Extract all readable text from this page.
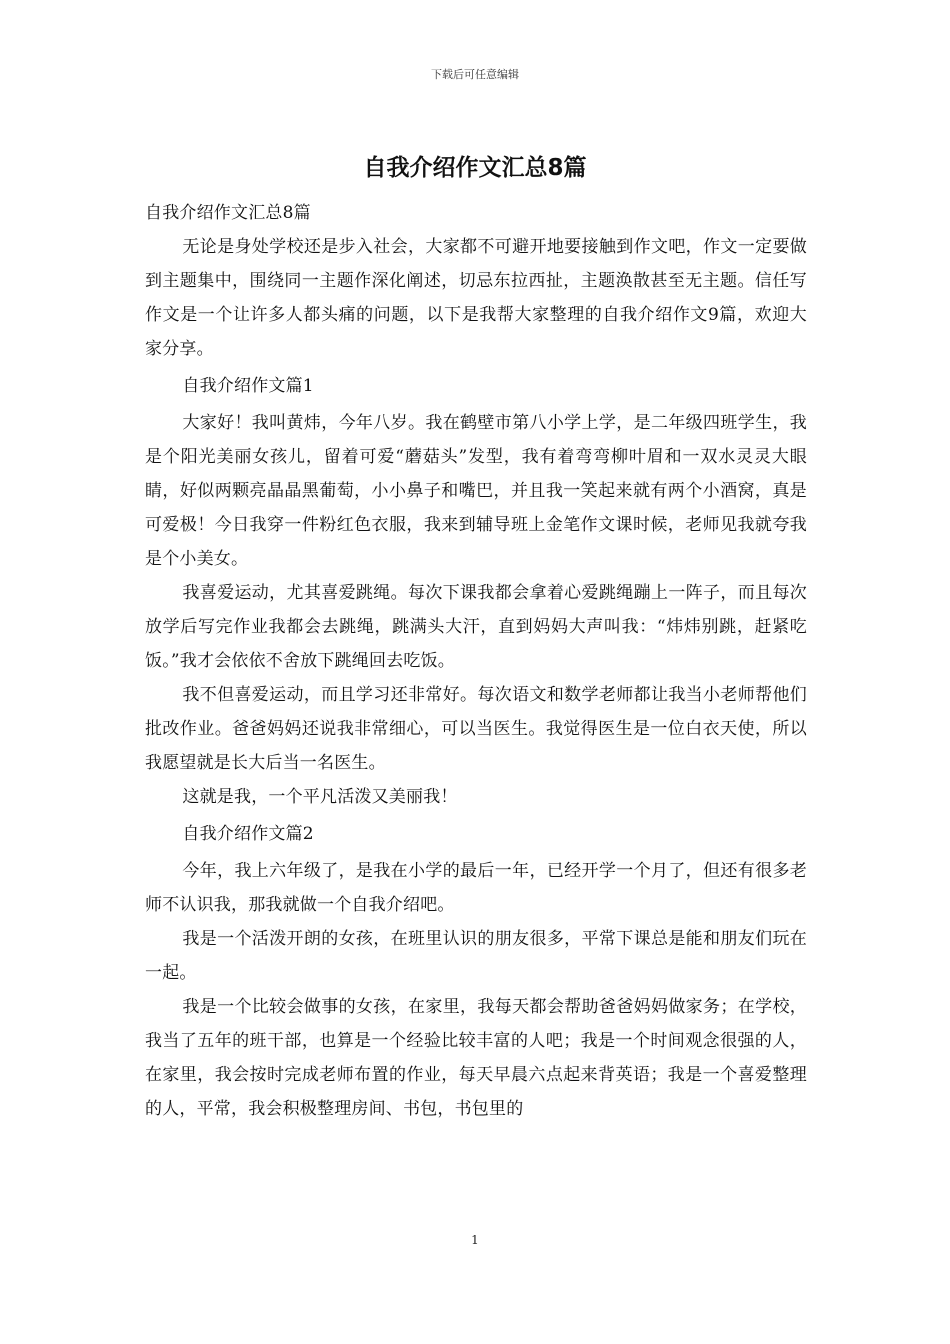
下载后可任意编辑
自我介绍作文汇总8篇

自我介绍作文汇总8篇

无论是身处学校还是步入社会，大家都不可避开地要接触到作文吧，作文一定要做到主题集中，围绕同一主题作深化阐述，切忌东拉西扯，主题涣散甚至无主题。信任写作文是一个让许多人都头痛的问题，以下是我帮大家整理的自我介绍作文9篇，欢迎大家分享。

自我介绍作文篇1

大家好！我叫黄炜，今年八岁。我在鹤壁市第八小学上学，是二年级四班学生，我是个阳光美丽女孩儿，留着可爱“蘑菇头”发型，我有着弯弯柳叶眉和一双水灵灵大眼睛，好似两颗亮晶晶黑葡萄，小小鼻子和嘴巴，并且我一笑起来就有两个小酒窝，真是可爱极！今日我穿一件粉红色衣服，我来到辅导班上金笔作文课时候，老师见我就夸我是个小美女。

我喜爱运动，尤其喜爱跳绳。每次下课我都会拿着心爱跳绳蹦上一阵子，而且每次放学后写完作业我都会去跳绳，跳满头大汗，直到妈妈大声叫我：“炜炜别跳，赶紧吃饭。”我才会依依不舍放下跳绳回去吃饭。

我不但喜爱运动，而且学习还非常好。每次语文和数学老师都让我当小老师帮他们批改作业。爸爸妈妈还说我非常细心，可以当医生。我觉得医生是一位白衣天使，所以我愿望就是长大后当一名医生。

这就是我，一个平凡活泼又美丽我！

自我介绍作文篇2

今年，我上六年级了，是我在小学的最后一年，已经开学一个月了，但还有很多老师不认识我，那我就做一个自我介绍吧。

我是一个活泼开朗的女孩，在班里认识的朋友很多，平常下课总是能和朋友们玩在一起。

我是一个比较会做事的女孩，在家里，我每天都会帮助爸爸妈妈做家务；在学校，我当了五年的班干部，也算是一个经验比较丰富的人吧；我是一个时间观念很强的人，在家里，我会按时完成老师布置的作业，每天早晨六点起来背英语；我是一个喜爱整理的人，平常，我会积极整理房间、书包，书包里的

1
